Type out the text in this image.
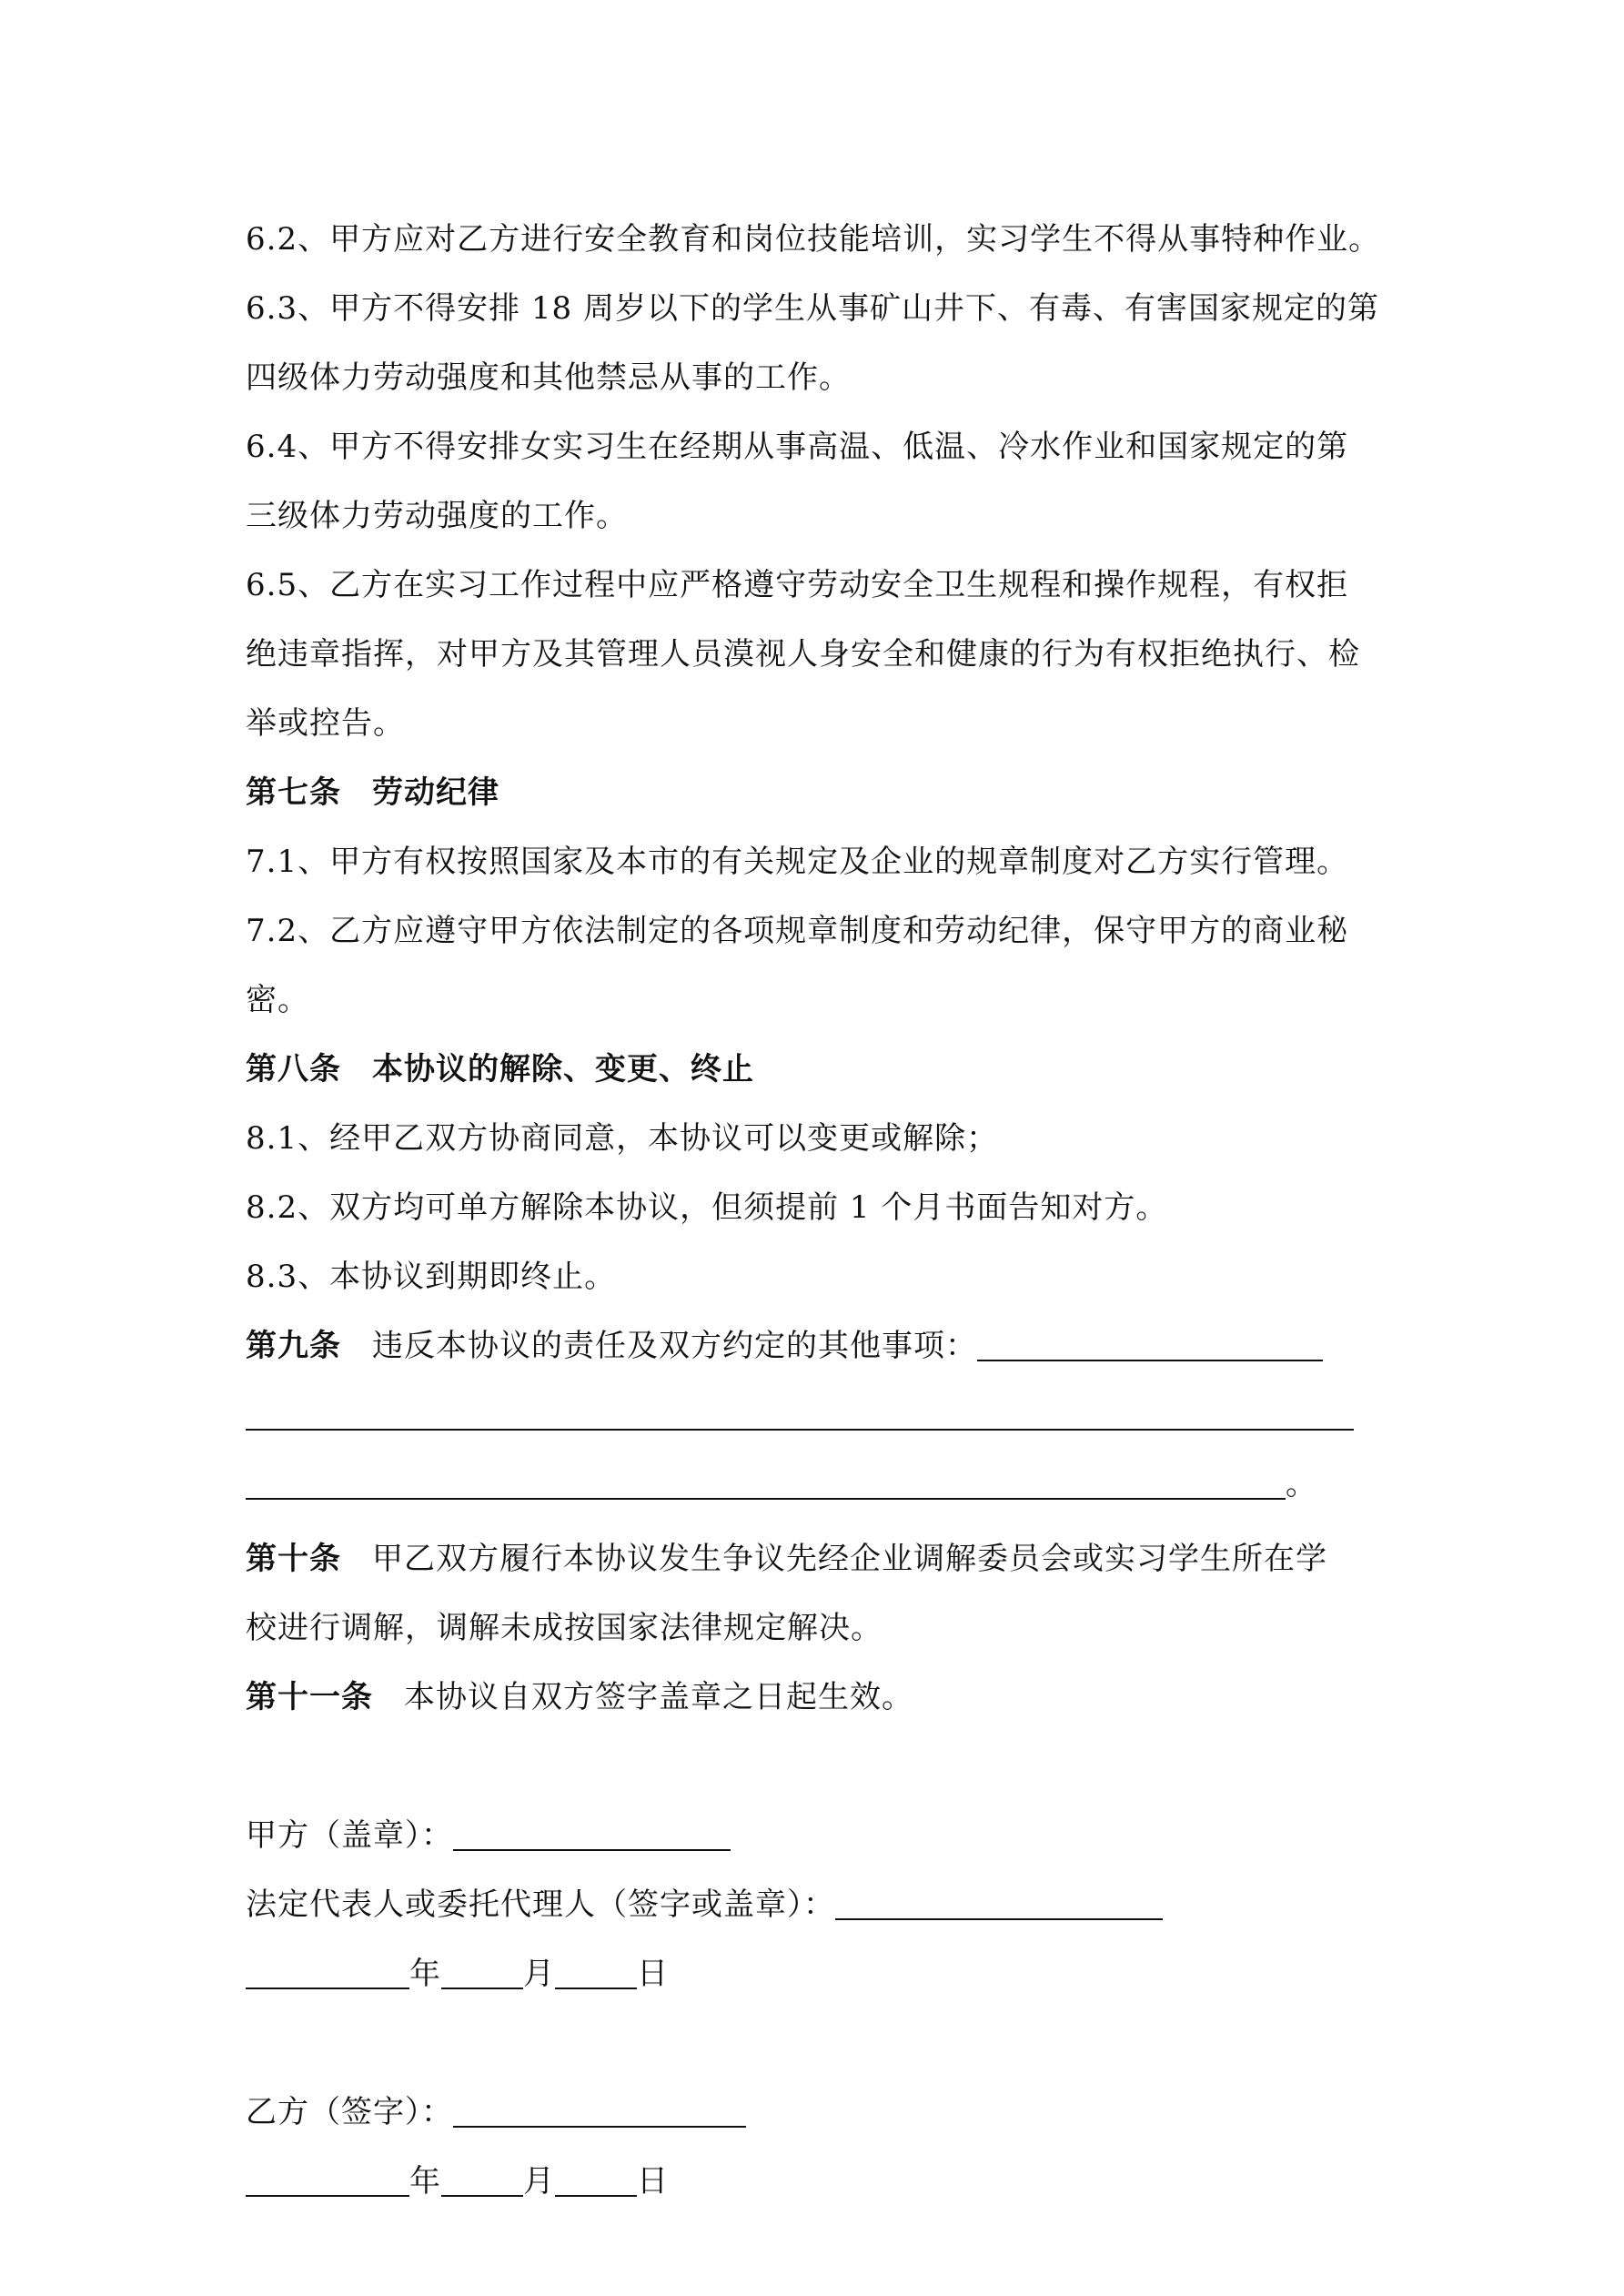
6.2、甲方应对乙方进行安全教育和岗位技能培训，实习学生不得从事特种作业。
6.3、甲方不得安排 18 周岁以下的学生从事矿山井下、有毒、有害国家规定的第
四级体力劳动强度和其他禁忌从事的工作。
6.4、甲方不得安排女实习生在经期从事高温、低温、冷水作业和国家规定的第
三级体力劳动强度的工作。
6.5、乙方在实习工作过程中应严格遵守劳动安全卫生规程和操作规程，有权拒
绝违章指挥，对甲方及其管理人员漠视人身安全和健康的行为有权拒绝执行、检
举或控告。
第七条 劳动纪律
7.1、甲方有权按照国家及本市的有关规定及企业的规章制度对乙方实行管理。
7.2、乙方应遵守甲方依法制定的各项规章制度和劳动纪律，保守甲方的商业秘
密。
第八条 本协议的解除、变更、终止
8.1、经甲乙双方协商同意，本协议可以变更或解除；
8.2、双方均可单方解除本协议，但须提前 1 个月书面告知对方。
8.3、本协议到期即终止。
第九条 违反本协议的责任及双方约定的其他事项：
。
第十条 甲乙双方履行本协议发生争议先经企业调解委员会或实习学生所在学
校进行调解，调解未成按国家法律规定解决。
第十一条 本协议自双方签字盖章之日起生效。
甲方（盖章）：
法定代表人或委托代理人（签字或盖章）：
年	月	日
乙方（签字）：
年	月	日
